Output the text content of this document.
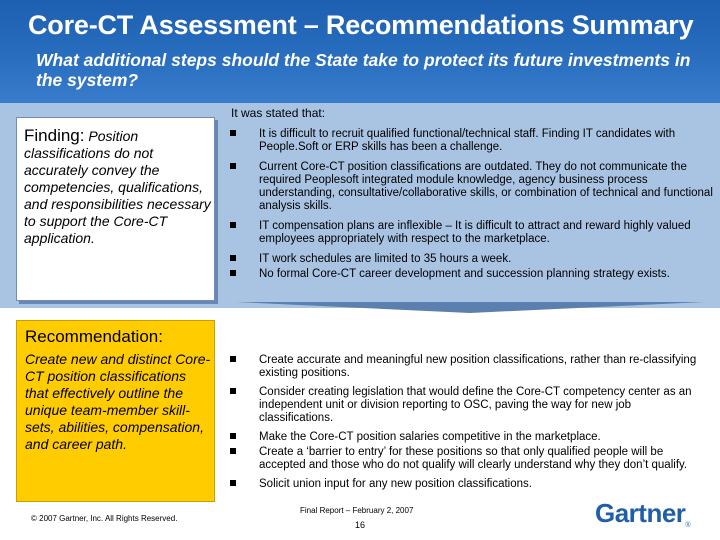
Core-CT Assessment – Recommendations Summary
What additional steps should the State take to protect its future investments in the system?
Finding: Position classifications do not accurately convey the competencies, qualifications, and responsibilities necessary to support the Core-CT application.
It was stated that:
It is difficult to recruit qualified functional/technical staff. Finding IT candidates with People.Soft or ERP skills has been a challenge.
Current Core-CT position classifications are outdated. They do not communicate the required Peoplesoft integrated module knowledge, agency business process understanding, consultative/collaborative skills, or combination of technical and functional analysis skills.
IT compensation plans are inflexible – It is difficult to attract and reward highly valued employees appropriately with respect to the marketplace.
IT work schedules are limited to 35 hours a week.
No formal Core-CT career development and succession planning strategy exists.
Recommendation:
Create new and distinct Core-CT position classifications that effectively outline the unique team-member skill-sets, abilities, compensation, and career path.
Create accurate and meaningful new position classifications, rather than re-classifying existing positions.
Consider creating legislation that would define the Core-CT competency center as an independent unit or division reporting to OSC, paving the way for new job classifications.
Make the Core-CT position salaries competitive in the marketplace.
Create a ‘barrier to entry’ for these positions so that only qualified people will be accepted and those who do not qualify will clearly understand why they don’t qualify.
Solicit union input for any new position classifications.
© 2007 Gartner, Inc. All Rights Reserved.
Final Report – February 2, 2007
16	Gartner®
